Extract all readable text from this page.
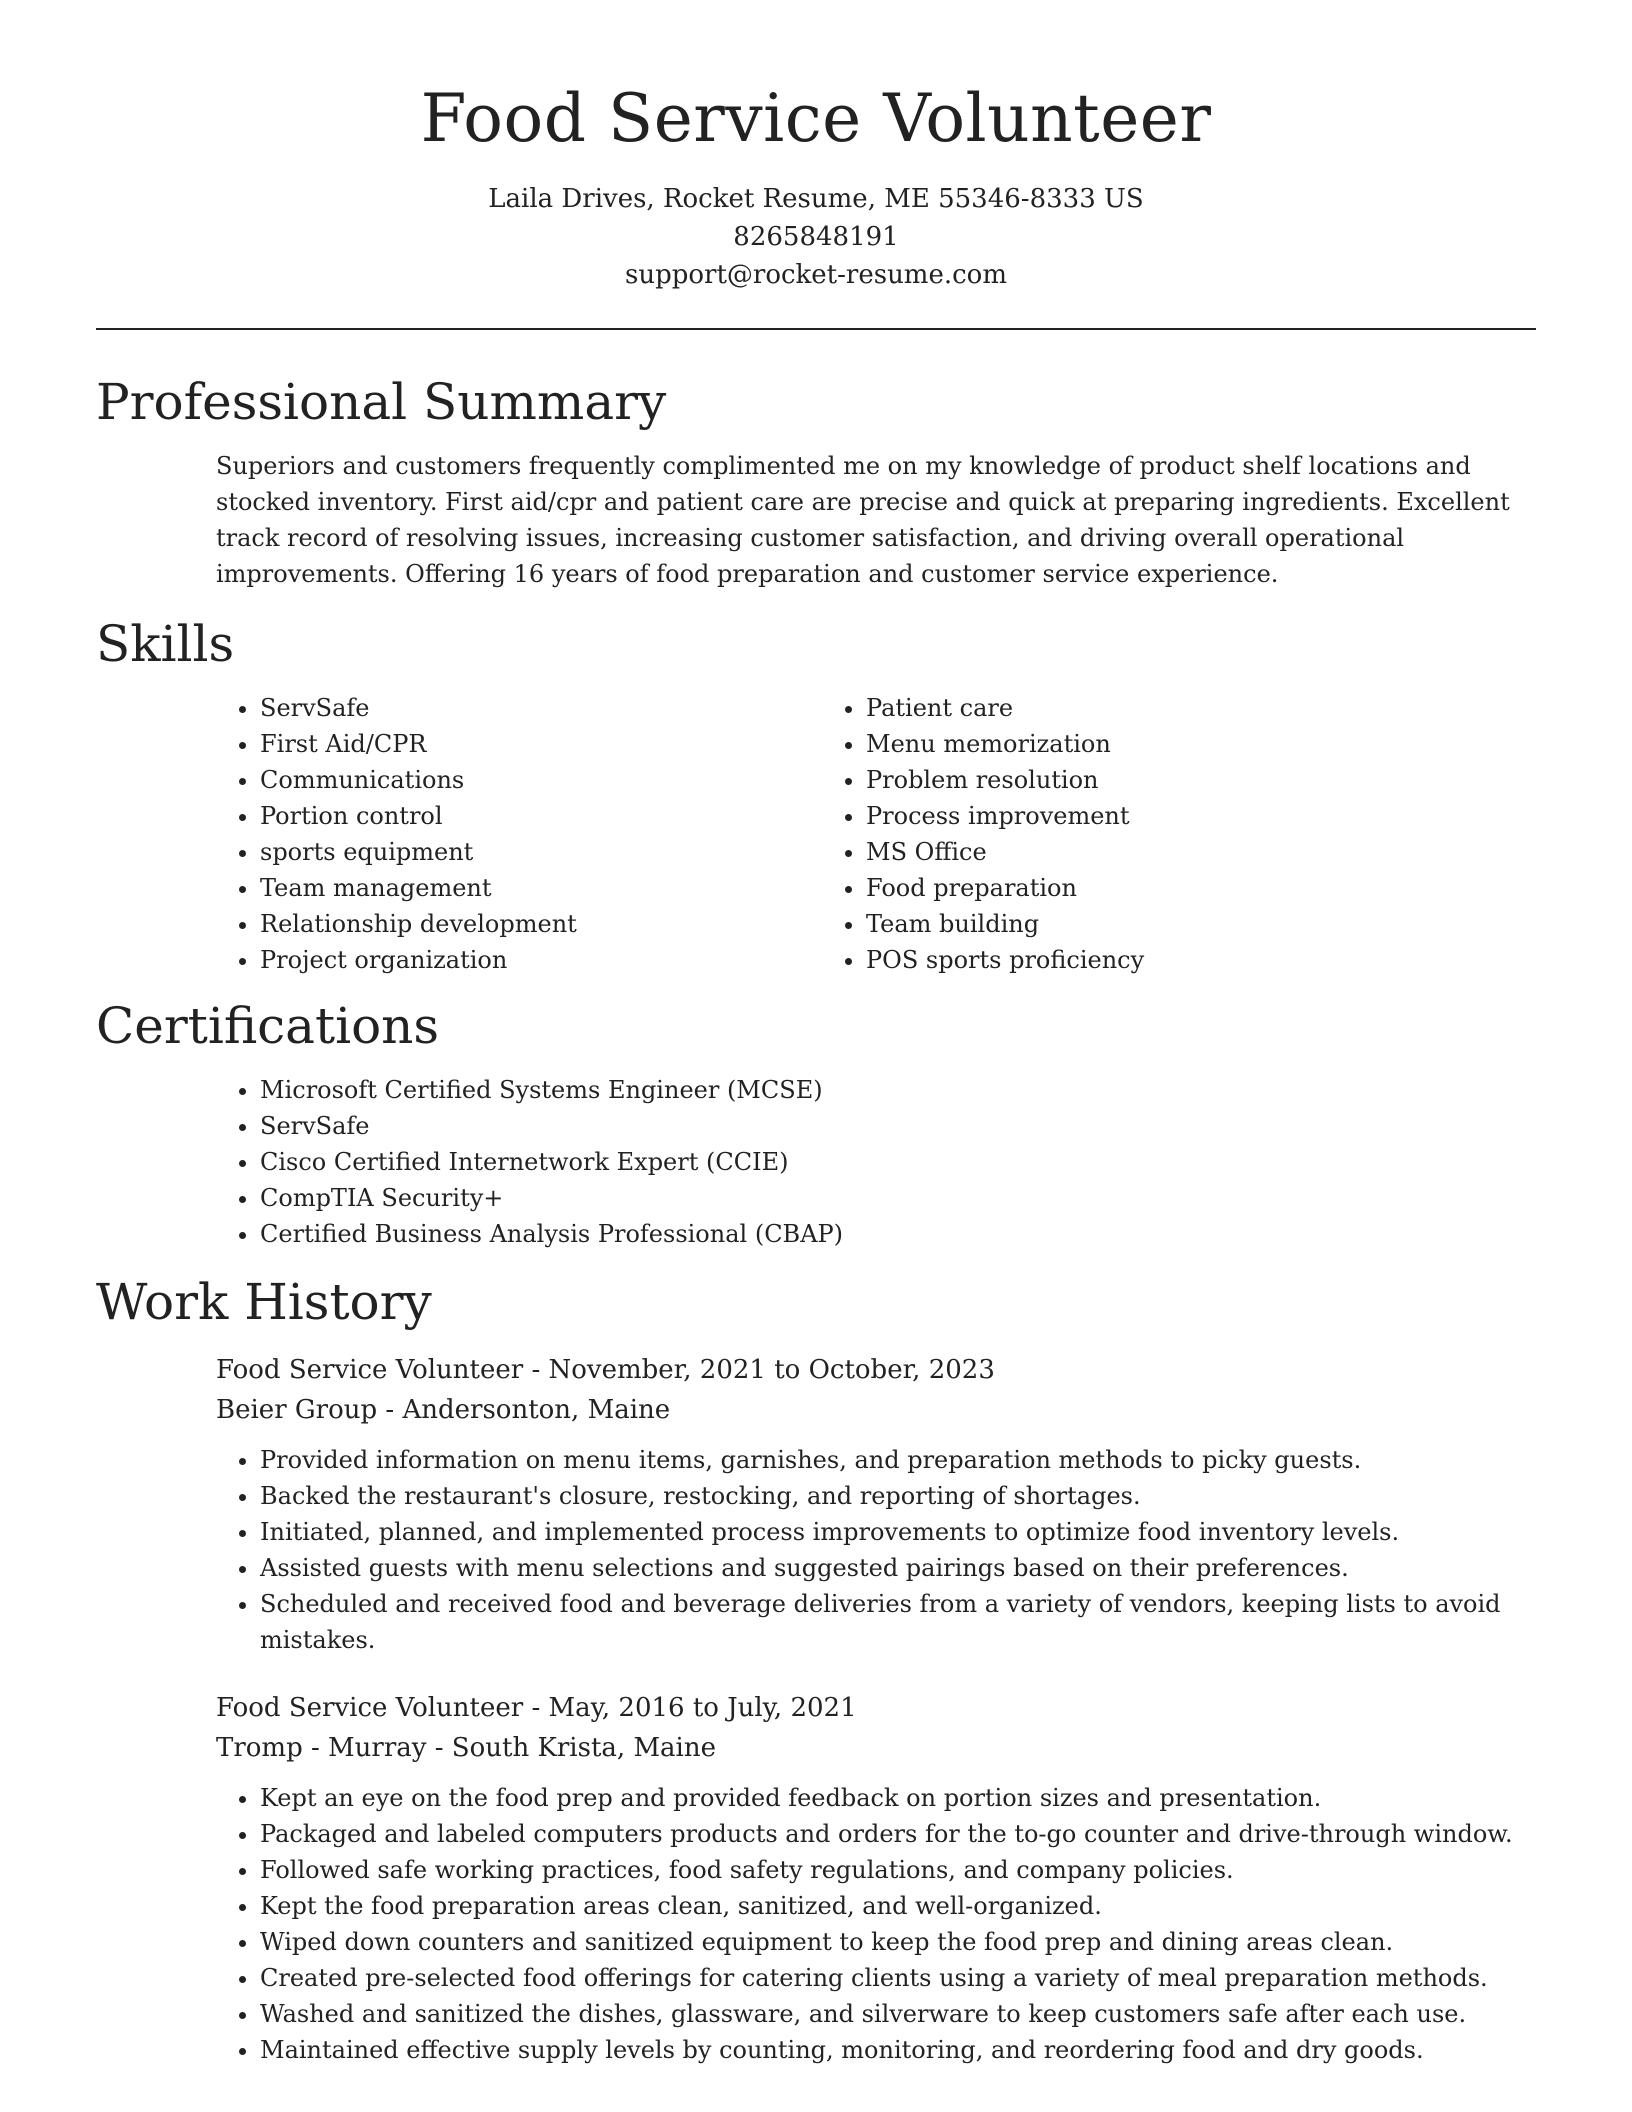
Food Service Volunteer
Laila Drives, Rocket Resume, ME 55346-8333 US
8265848191
support@rocket-resume.com
Professional Summary

Superiors and customers frequently complimented me on my knowledge of product shelf locations and stocked inventory. First aid/cpr and patient care are precise and quick at preparing ingredients. Excellent track record of resolving issues, increasing customer satisfaction, and driving overall operational improvements. Offering 16 years of food preparation and customer service experience.

Skills
• ServSafe
• First Aid/CPR
• Communications
• Portion control
• sports equipment
• Team management
• Relationship development
• Project organization
• Patient care
• Menu memorization
• Problem resolution
• Process improvement
• MS Office
• Food preparation
• Team building
• POS sports proficiency
Certifications
• Microsoft Certified Systems Engineer (MCSE)
• ServSafe
• Cisco Certified Internetwork Expert (CCIE)
• CompTIA Security+
• Certified Business Analysis Professional (CBAP)
Work History
Food Service Volunteer - November, 2021 to October, 2023
Beier Group - Andersonton, Maine
• Provided information on menu items, garnishes, and preparation methods to picky guests.
• Backed the restaurant's closure, restocking, and reporting of shortages.
• Initiated, planned, and implemented process improvements to optimize food inventory levels.
• Assisted guests with menu selections and suggested pairings based on their preferences.
• Scheduled and received food and beverage deliveries from a variety of vendors, keeping lists to avoid mistakes.
Food Service Volunteer - May, 2016 to July, 2021
Tromp - Murray - South Krista, Maine
• Kept an eye on the food prep and provided feedback on portion sizes and presentation.
• Packaged and labeled computers products and orders for the to-go counter and drive-through window.
• Followed safe working practices, food safety regulations, and company policies.
• Kept the food preparation areas clean, sanitized, and well-organized.
• Wiped down counters and sanitized equipment to keep the food prep and dining areas clean.
• Created pre-selected food offerings for catering clients using a variety of meal preparation methods.
• Washed and sanitized the dishes, glassware, and silverware to keep customers safe after each use.
• Maintained effective supply levels by counting, monitoring, and reordering food and dry goods.
